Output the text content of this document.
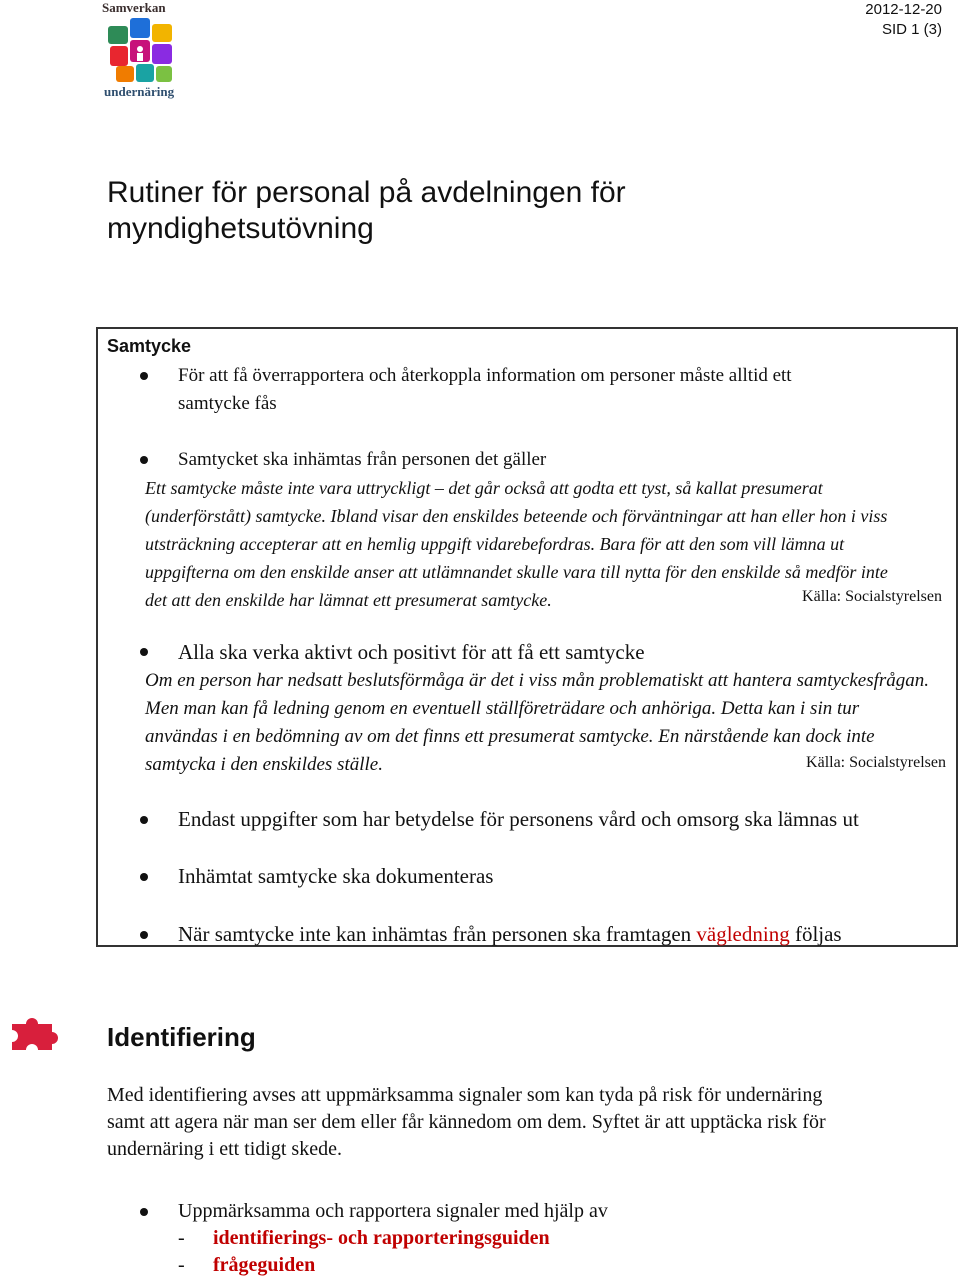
Samverkan
undernäring
2012-12-20
SID 1 (3)
Rutiner för personal på avdelningen för
myndighetsutövning
Samtycke
För att få överrapportera och återkoppla information om personer måste alltid ett
samtycke fås
Samtycket ska inhämtas från personen det gäller
Ett samtycke måste inte vara uttryckligt – det går också att godta ett tyst, så kallat presumerat
(underförstått) samtycke. Ibland visar den enskildes beteende och förväntningar att han eller hon i viss
utsträckning accepterar att en hemlig uppgift vidarebefordras. Bara för att den som vill lämna ut
uppgifterna om den enskilde anser att utlämnandet skulle vara till nytta för den enskilde så medför inte
det att den enskilde har lämnat ett presumerat samtycke.	Källa: Socialstyrelsen
Alla ska verka aktivt och positivt för att få ett samtycke
Om en person har nedsatt beslutsförmåga är det i viss mån problematiskt att hantera samtyckesfrågan.
Men man kan få ledning genom en eventuell ställföreträdare och anhöriga. Detta kan i sin tur
användas i en bedömning av om det finns ett presumerat samtycke. En närstående kan dock inte
samtycka i den enskildes ställe.	Källa: Socialstyrelsen
Endast uppgifter som har betydelse för personens vård och omsorg ska lämnas ut
Inhämtat samtycke ska dokumenteras
När samtycke inte kan inhämtas från personen ska framtagen vägledning följas
Identifiering
Med identifiering avses att uppmärksamma signaler som kan tyda på risk för undernäring
samt att agera när man ser dem eller får kännedom om dem. Syftet är att upptäcka risk för
undernäring i ett tidigt skede.
Uppmärksamma och rapportera signaler med hjälp av
- identifierings- och rapporteringsguiden
- frågeguiden
